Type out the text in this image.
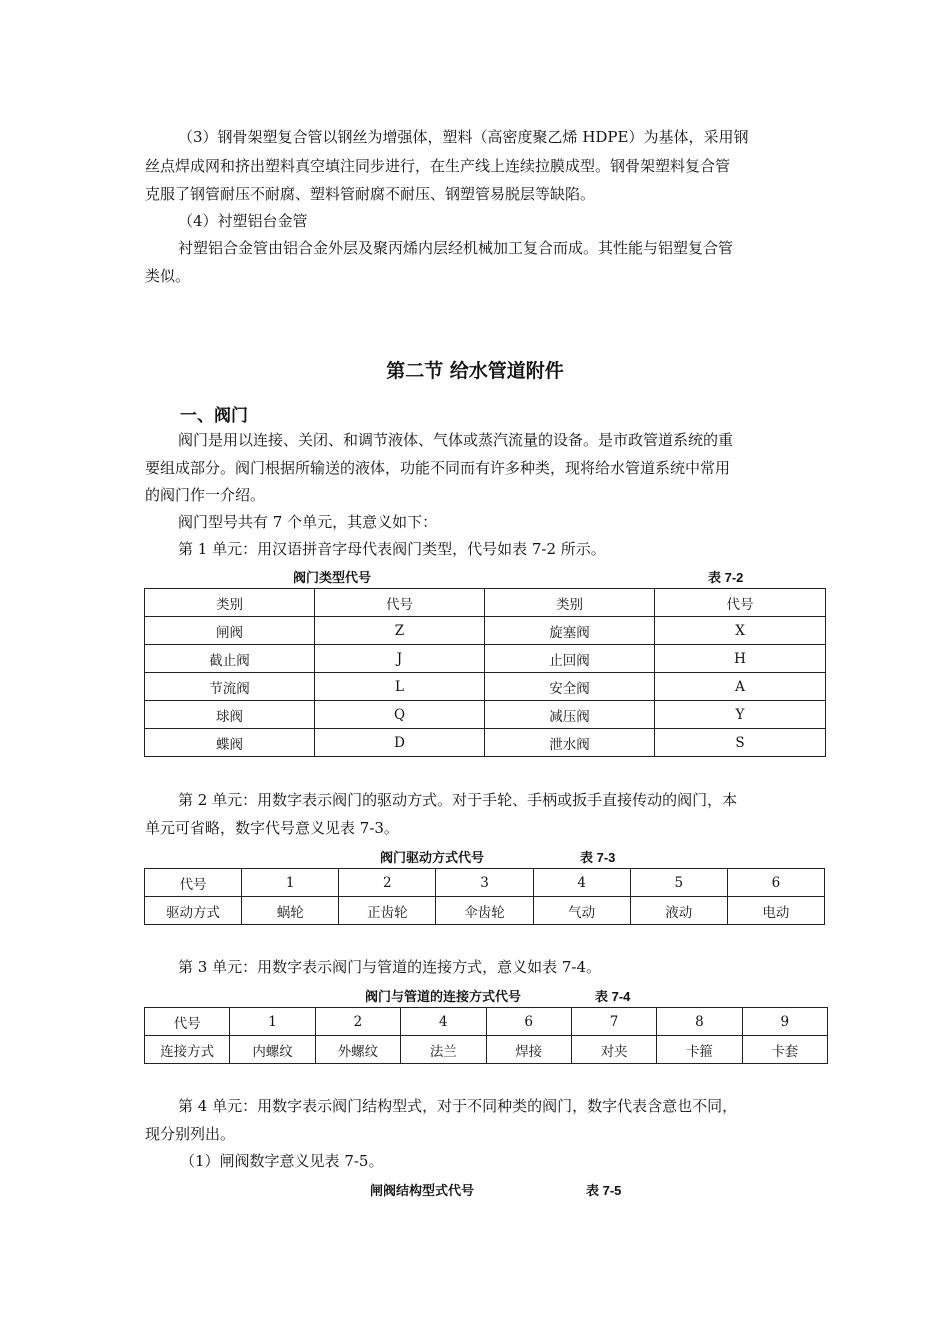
（3）钢骨架塑复合管以钢丝为增强体，塑料（高密度聚乙烯 HDPE）为基体，采用钢
丝点焊成网和挤出塑料真空填注同步进行，在生产线上连续拉膜成型。钢骨架塑料复合管
克服了钢管耐压不耐腐、塑料管耐腐不耐压、钢塑管易脱层等缺陷。
（4）衬塑铝台金管
衬塑铝合金管由铝合金外层及聚丙烯内层经机械加工复合而成。其性能与铝塑复合管
类似。
第二节 给水管道附件
一、阀门
阀门是用以连接、关闭、和调节液体、气体或蒸汽流量的设备。是市政管道系统的重
要组成部分。阀门根据所输送的液体，功能不同而有许多种类，现将给水管道系统中常用
的阀门作一介绍。
阀门型号共有 7 个单元，其意义如下：
第 1 单元：用汉语拼音字母代表阀门类型，代号如表 7-2 所示。
阀门类型代号	表 7-2
类别	代号	类别	代号
闸阀	Z	旋塞阀	X
截止阀	J	止回阀	H
节流阀	L	安全阀	A
球阀	Q	减压阀	Y
蝶阀	D	泄水阀	S
第 2 单元：用数字表示阀门的驱动方式。对于手轮、手柄或扳手直接传动的阀门，本
单元可省略，数字代号意义见表 7-3。
阀门驱动方式代号	表 7-3
代号	1	2	3	4	5	6
驱动方式	蜗轮	正齿轮	伞齿轮	气动	液动	电动
第 3 单元：用数字表示阀门与管道的连接方式，意义如表 7-4。
阀门与管道的连接方式代号	表 7-4
代号	1	2	4	6	7	8	9
连接方式	内螺纹	外螺纹	法兰	焊接	对夹	卡箍	卡套
第 4 单元：用数字表示阀门结构型式，对于不同种类的阀门，数字代表含意也不同，
现分别列出。
（1）闸阀数字意义见表 7-5。
闸阀结构型式代号	表 7-5
